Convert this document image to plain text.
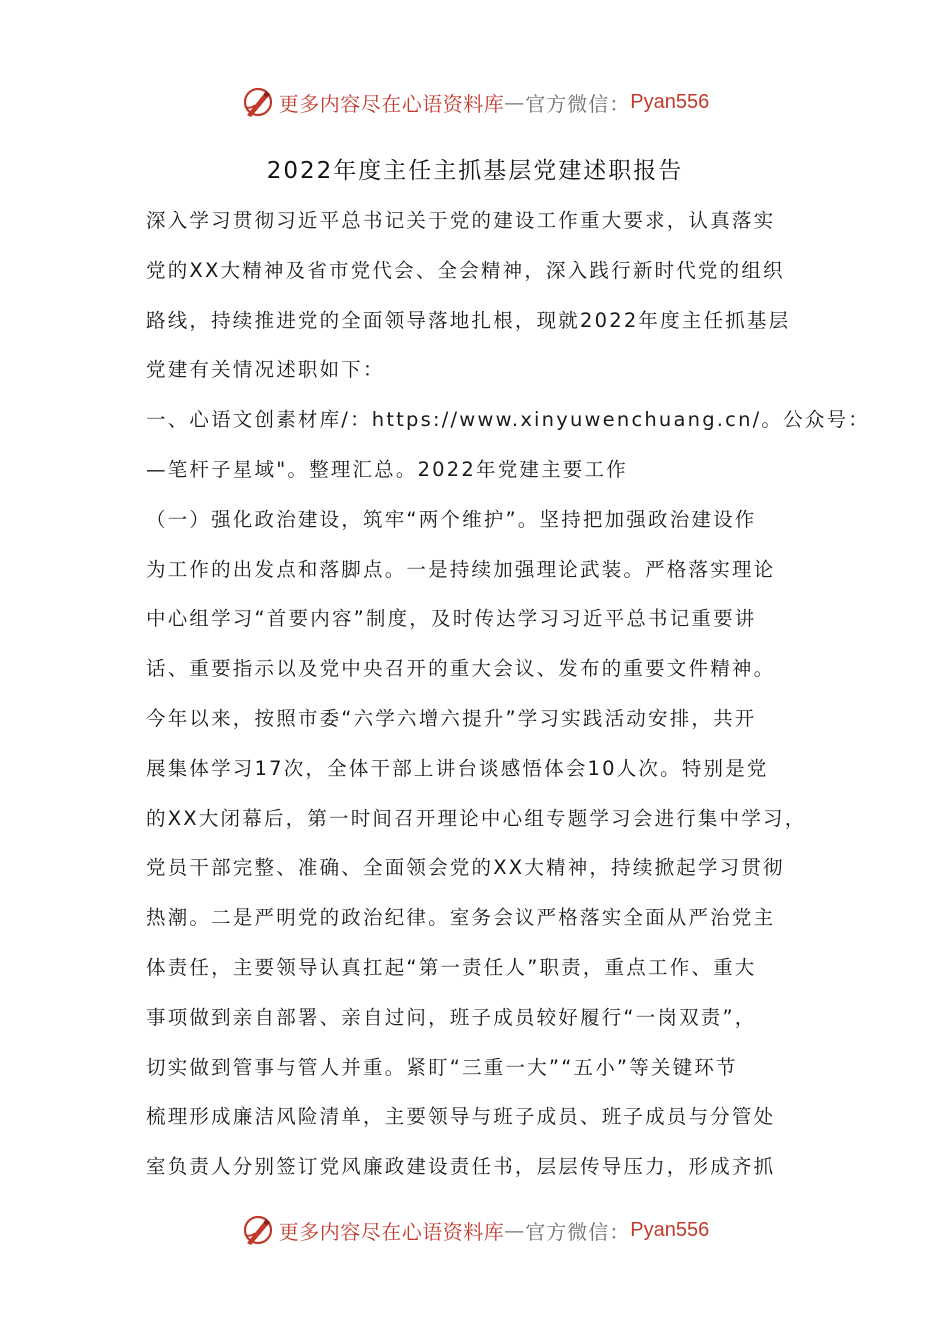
更多内容尽在心语资料库 — 官方微信： Pyan556
2022年度主任主抓基层党建述职报告
深入学习贯彻习近平总书记关于党的建设工作重大要求，认真落实
党的XX大精神及省市党代会、全会精神，深入践行新时代党的组织
路线，持续推进党的全面领导落地扎根，现就2022年度主任抓基层
党建有关情况述职如下：
一、心语文创素材库/：https://www.xinyuwenchuang.cn/。公众号：
—笔杆子星域"。整理汇总。2022年党建主要工作
（一）强化政治建设，筑牢“两个维护”。坚持把加强政治建设作
为工作的出发点和落脚点。一是持续加强理论武装。严格落实理论
中心组学习“首要内容”制度，及时传达学习习近平总书记重要讲
话、重要指示以及党中央召开的重大会议、发布的重要文件精神。
今年以来，按照市委“六学六增六提升”学习实践活动安排，共开
展集体学习17次，全体干部上讲台谈感悟体会10人次。特别是党
的XX大闭幕后，第一时间召开理论中心组专题学习会进行集中学习，
党员干部完整、准确、全面领会党的XX大精神，持续掀起学习贯彻
热潮。二是严明党的政治纪律。室务会议严格落实全面从严治党主
体责任，主要领导认真扛起“第一责任人”职责，重点工作、重大
事项做到亲自部署、亲自过问，班子成员较好履行“一岗双责”，
切实做到管事与管人并重。紧盯“三重一大”“五小”等关键环节
梳理形成廉洁风险清单，主要领导与班子成员、班子成员与分管处
室负责人分别签订党风廉政建设责任书，层层传导压力，形成齐抓
更多内容尽在心语资料库 — 官方微信： Pyan556
